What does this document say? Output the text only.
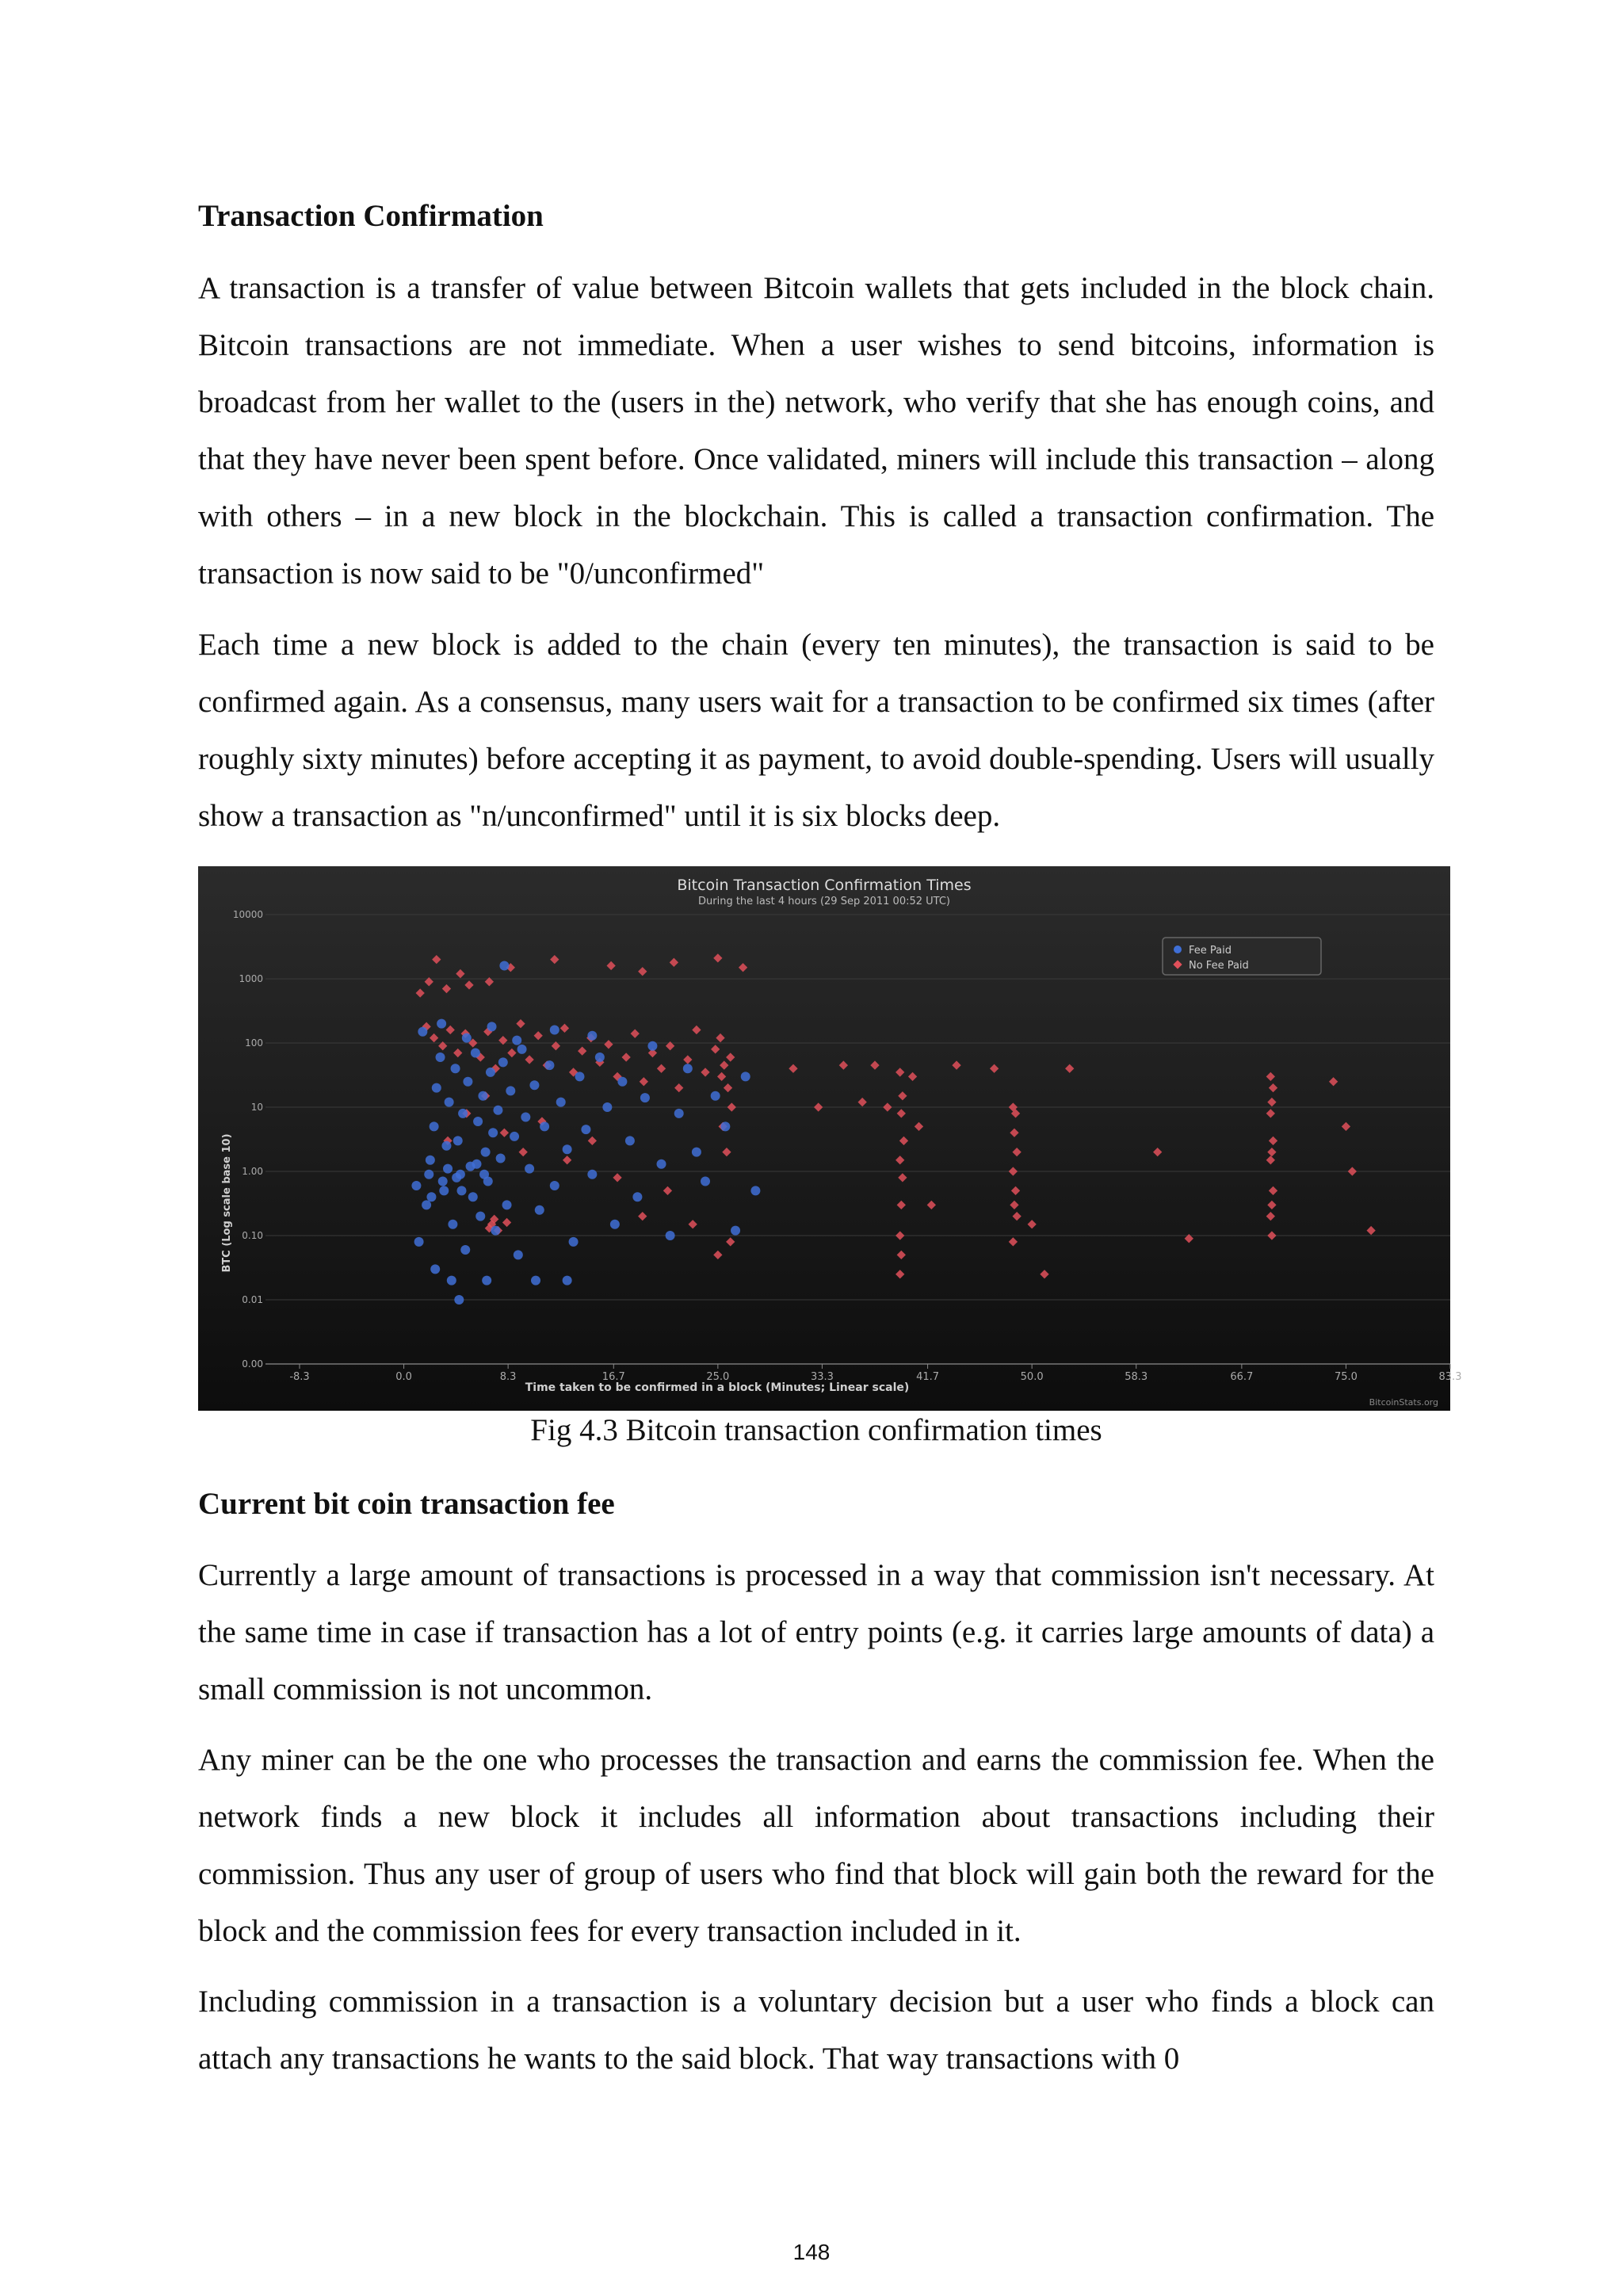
Transaction Confirmation
A transaction is a transfer of value between Bitcoin wallets that gets included in the block chain. Bitcoin transactions are not immediate. When a user wishes to send bitcoins, information is broadcast from her wallet to the (users in the) network, who verify that she has enough coins, and that they have never been spent before. Once validated, miners will include this transaction – along with others – in a new block in the blockchain. This is called a transaction confirmation. The transaction is now said to be "0/unconfirmed"
Each time a new block is added to the chain (every ten minutes), the transaction is said to be confirmed again. As a consensus, many users wait for a transaction to be confirmed six times (after roughly sixty minutes) before accepting it as payment, to avoid double-spending. Users will usually show a transaction as "n/unconfirmed" until it is six blocks deep.
Bitcoin Transaction Confirmation Times
During the last 4 hours (29 Sep 2011 00:52 UTC)
0.00
0.01
0.10
1.00
10
100
1000
10000
-8.3	0.0	8.3	16.7	25.0	33.3	41.7	50.0	58.3	66.7	75.0	83.3
BTC (Log scale base 10)
Time taken to be confirmed in a block (Minutes; Linear scale)
Fee Paid
No Fee Paid
BitcoinStats.org
Fig 4.3 Bitcoin transaction confirmation times
Current bit coin transaction fee
Currently a large amount of transactions is processed in a way that commission isn't necessary. At the same time in case if transaction has a lot of entry points (e.g. it carries large amounts of data) a small commission is not uncommon.
Any miner can be the one who processes the transaction and earns the commission fee. When the network finds a new block it includes all information about transactions including their commission. Thus any user of group of users who find that block will gain both the reward for the block and the commission fees for every transaction included in it.
Including commission in a transaction is a voluntary decision but a user who finds a block can attach any transactions he wants to the said block. That way transactions with 0
148
